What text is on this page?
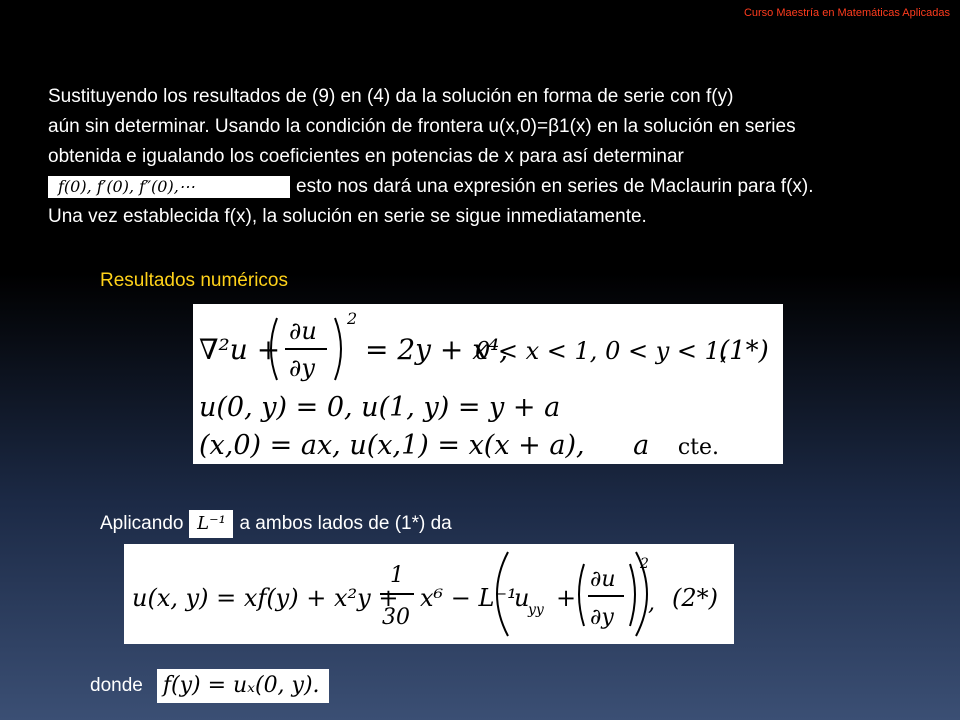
Curso Maestría en Matemáticas Aplicadas
Sustituyendo los resultados de (9) en (4) da la solución en forma de serie con f(y)
aún sin determinar. Usando la condición de frontera u(x,0)=β1(x) en la solución en series
obtenida e igualando los coeficientes en potencias de x para así determinar
f(0), f′(0), f″(0),⋯	esto nos dará una expresión en series de Maclaurin para f(x).
Una vez establecida f(x), la solución en serie se sigue inmediatamente.
Resultados numéricos
∇²u +
∂u
∂y
2
= 2y + x⁴,
0 < x < 1, 0 < y < 1,
(1*)
u(0, y) = 0, u(1, y) = y + a
(x,0) = ax, u(x,1) = x(x + a), a cte.
Aplicando L⁻¹ a ambos lados de (1*) da
u(x, y) = xf(y) + x²y +
1
30
x⁶ − L⁻¹
u
yy +
∂u
∂y
2
, (2*)
donde f(y) = uₓ(0, y).
